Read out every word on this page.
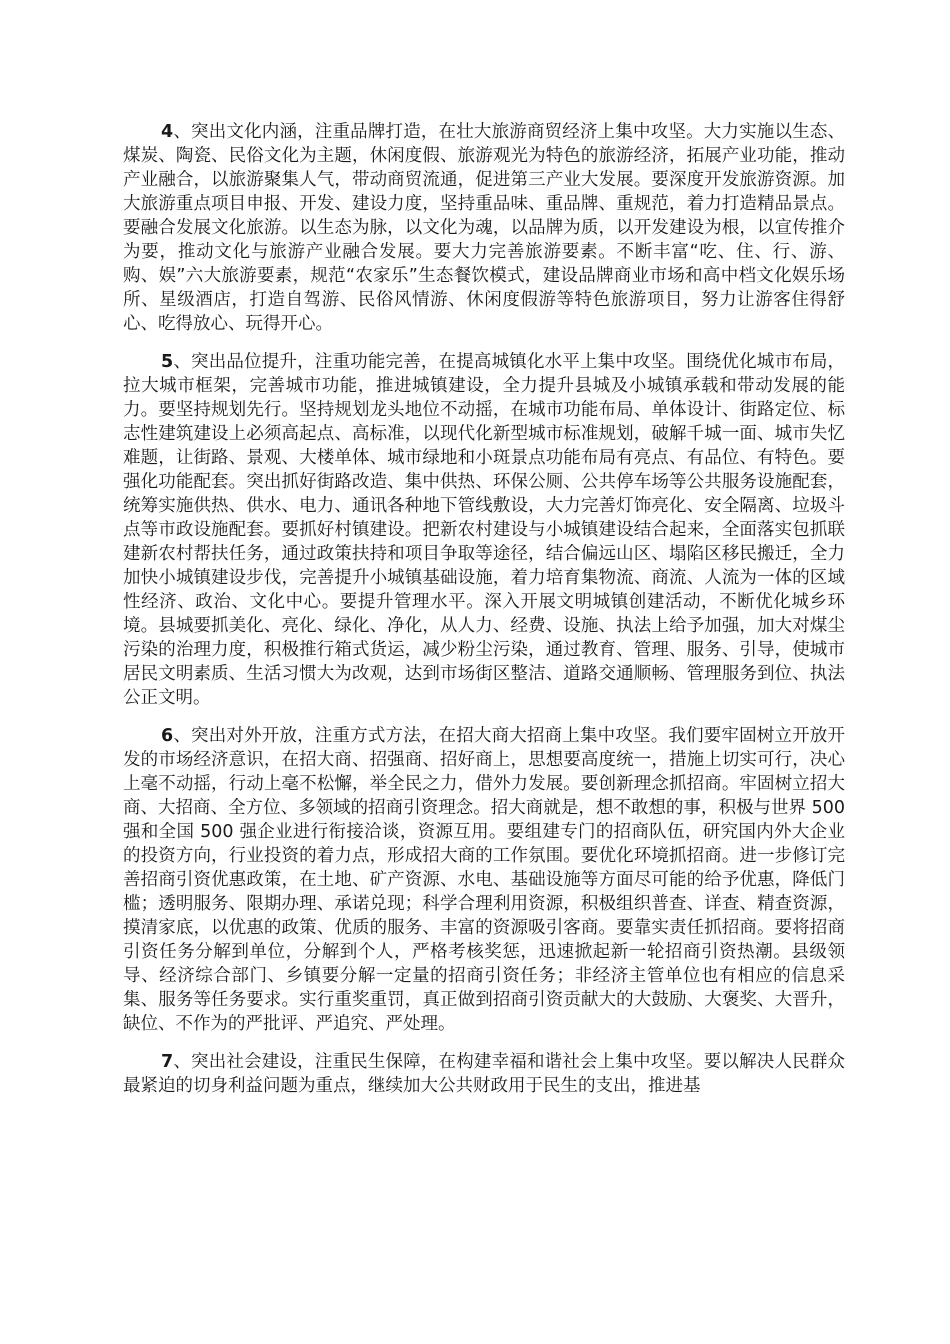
4、突出文化内涵，注重品牌打造，在壮大旅游商贸经济上集中攻坚。大力实施以生态、煤炭、陶瓷、民俗文化为主题，休闲度假、旅游观光为特色的旅游经济，拓展产业功能，推动产业融合，以旅游聚集人气，带动商贸流通，促进第三产业大发展。要深度开发旅游资源。加大旅游重点项目申报、开发、建设力度，坚持重品味、重品牌、重规范，着力打造精品景点。要融合发展文化旅游。以生态为脉，以文化为魂，以品牌为质，以开发建设为根，以宣传推介为要，推动文化与旅游产业融合发展。要大力完善旅游要素。不断丰富“吃、住、行、游、购、娱”六大旅游要素，规范“农家乐”生态餐饮模式，建设品牌商业市场和高中档文化娱乐场所、星级酒店，打造自驾游、民俗风情游、休闲度假游等特色旅游项目，努力让游客住得舒心、吃得放心、玩得开心。

5、突出品位提升，注重功能完善，在提高城镇化水平上集中攻坚。围绕优化城市布局，拉大城市框架，完善城市功能，推进城镇建设，全力提升县城及小城镇承载和带动发展的能力。要坚持规划先行。坚持规划龙头地位不动摇，在城市功能布局、单体设计、街路定位、标志性建筑建设上必须高起点、高标准，以现代化新型城市标准规划，破解千城一面、城市失忆难题，让街路、景观、大楼单体、城市绿地和小斑景点功能布局有亮点、有品位、有特色。要强化功能配套。突出抓好街路改造、集中供热、环保公厕、公共停车场等公共服务设施配套，统筹实施供热、供水、电力、通讯各种地下管线敷设，大力完善灯饰亮化、安全隔离、垃圾斗点等市政设施配套。要抓好村镇建设。把新农村建设与小城镇建设结合起来，全面落实包抓联建新农村帮扶任务，通过政策扶持和项目争取等途径，结合偏远山区、塌陷区移民搬迁，全力加快小城镇建设步伐，完善提升小城镇基础设施，着力培育集物流、商流、人流为一体的区域性经济、政治、文化中心。要提升管理水平。深入开展文明城镇创建活动，不断优化城乡环境。县城要抓美化、亮化、绿化、净化，从人力、经费、设施、执法上给予加强，加大对煤尘污染的治理力度，积极推行箱式货运，减少粉尘污染，通过教育、管理、服务、引导，使城市居民文明素质、生活习惯大为改观，达到市场街区整洁、道路交通顺畅、管理服务到位、执法公正文明。

6、突出对外开放，注重方式方法，在招大商大招商上集中攻坚。我们要牢固树立开放开发的市场经济意识，在招大商、招强商、招好商上，思想要高度统一，措施上切实可行，决心上毫不动摇，行动上毫不松懈，举全民之力，借外力发展。要创新理念抓招商。牢固树立招大商、大招商、全方位、多领域的招商引资理念。招大商就是，想不敢想的事，积极与世界 500 强和全国 500 强企业进行衔接洽谈，资源互用。要组建专门的招商队伍，研究国内外大企业的投资方向，行业投资的着力点，形成招大商的工作氛围。要优化环境抓招商。进一步修订完善招商引资优惠政策，在土地、矿产资源、水电、基础设施等方面尽可能的给予优惠，降低门槛；透明服务、限期办理、承诺兑现；科学合理利用资源，积极组织普查、详查、精查资源，摸清家底，以优惠的政策、优质的服务、丰富的资源吸引客商。要靠实责任抓招商。要将招商引资任务分解到单位，分解到个人，严格考核奖惩，迅速掀起新一轮招商引资热潮。县级领导、经济综合部门、乡镇要分解一定量的招商引资任务；非经济主管单位也有相应的信息采集、服务等任务要求。实行重奖重罚，真正做到招商引资贡献大的大鼓励、大褒奖、大晋升，缺位、不作为的严批评、严追究、严处理。

7、突出社会建设，注重民生保障，在构建幸福和谐社会上集中攻坚。要以解决人民群众最紧迫的切身利益问题为重点，继续加大公共财政用于民生的支出，推进基
